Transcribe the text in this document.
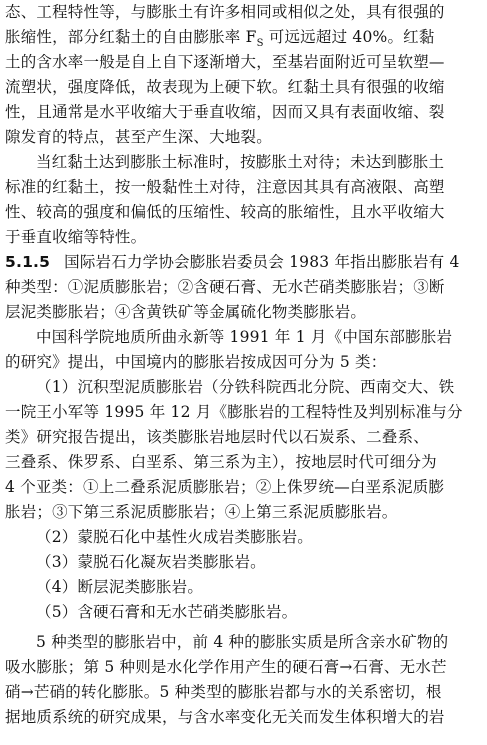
态、工程特性等，与膨胀土有许多相同或相似之处，具有很强的
胀缩性，部分红黏土的自由膨胀率 $F_S$ 可远远超过 40%。红黏
土的含水率一般是自上自下逐渐增大，至基岩面附近可呈软塑—
流塑状，强度降低，故表现为上硬下软。红黏土具有很强的收缩
性，且通常是水平收缩大于垂直收缩，因而又具有表面收缩、裂
隙发育的特点，甚至产生深、大地裂。
当红黏土达到膨胀土标准时，按膨胀土对待；未达到膨胀土
标准的红黏土，按一般黏性土对待，注意因其具有高液限、高塑
性、较高的强度和偏低的压缩性、较高的胀缩性，且水平收缩大
于垂直收缩等特性。
5.1.5 国际岩石力学协会膨胀岩委员会 1983 年指出膨胀岩有 4
种类型：①泥质膨胀岩；②含硬石膏、无水芒硝类膨胀岩；③断
层泥类膨胀岩；④含黄铁矿等金属硫化物类膨胀岩。
中国科学院地质所曲永新等 1991 年 1 月《中国东部膨胀岩
的研究》提出，中国境内的膨胀岩按成因可分为 5 类：
（1）沉积型泥质膨胀岩（分铁科院西北分院、西南交大、铁
一院王小军等 1995 年 12 月《膨胀岩的工程特性及判别标准与分
类》研究报告提出，该类膨胀岩地层时代以石炭系、二叠系、
三叠系、侏罗系、白垩系、第三系为主），按地层时代可细分为
4 个亚类：①上二叠系泥质膨胀岩；②上侏罗统—白垩系泥质膨
胀岩；③下第三系泥质膨胀岩；④上第三系泥质膨胀岩。
（2）蒙脱石化中基性火成岩类膨胀岩。
（3）蒙脱石化凝灰岩类膨胀岩。
（4）断层泥类膨胀岩。
（5）含硬石膏和无水芒硝类膨胀岩。
5 种类型的膨胀岩中，前 4 种的膨胀实质是所含亲水矿物的
吸水膨胀；第 5 种则是水化学作用产生的硬石膏→石膏、无水芒
硝→芒硝的转化膨胀。5 种类型的膨胀岩都与水的关系密切，根
据地质系统的研究成果，与含水率变化无关而发生体积增大的岩
